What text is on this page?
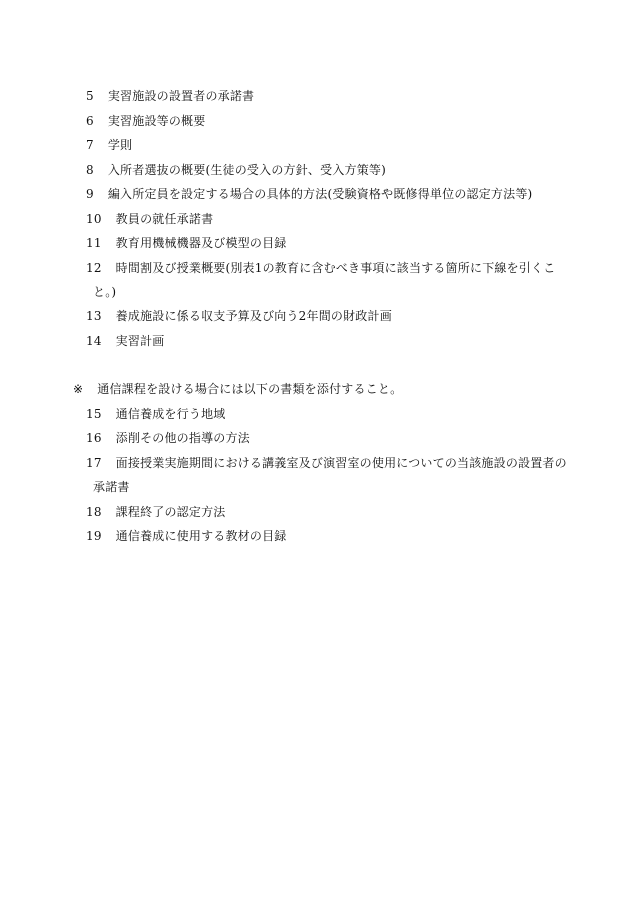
5 実習施設の設置者の承諾書
6 実習施設等の概要
7 学則
8 入所者選抜の概要(生徒の受入の方針、受入方策等)
9 編入所定員を設定する場合の具体的方法(受験資格や既修得単位の認定方法等)
10 教員の就任承諾書
11 教育用機械機器及び模型の目録
12 時間割及び授業概要(別表1の教育に含むべき事項に該当する箇所に下線を引くこ
と。)
13 養成施設に係る収支予算及び向う2年間の財政計画
14 実習計画
※ 通信課程を設ける場合には以下の書類を添付すること。
15 通信養成を行う地域
16 添削その他の指導の方法
17 面接授業実施期間における講義室及び演習室の使用についての当該施設の設置者の
承諾書
18 課程終了の認定方法
19 通信養成に使用する教材の目録
